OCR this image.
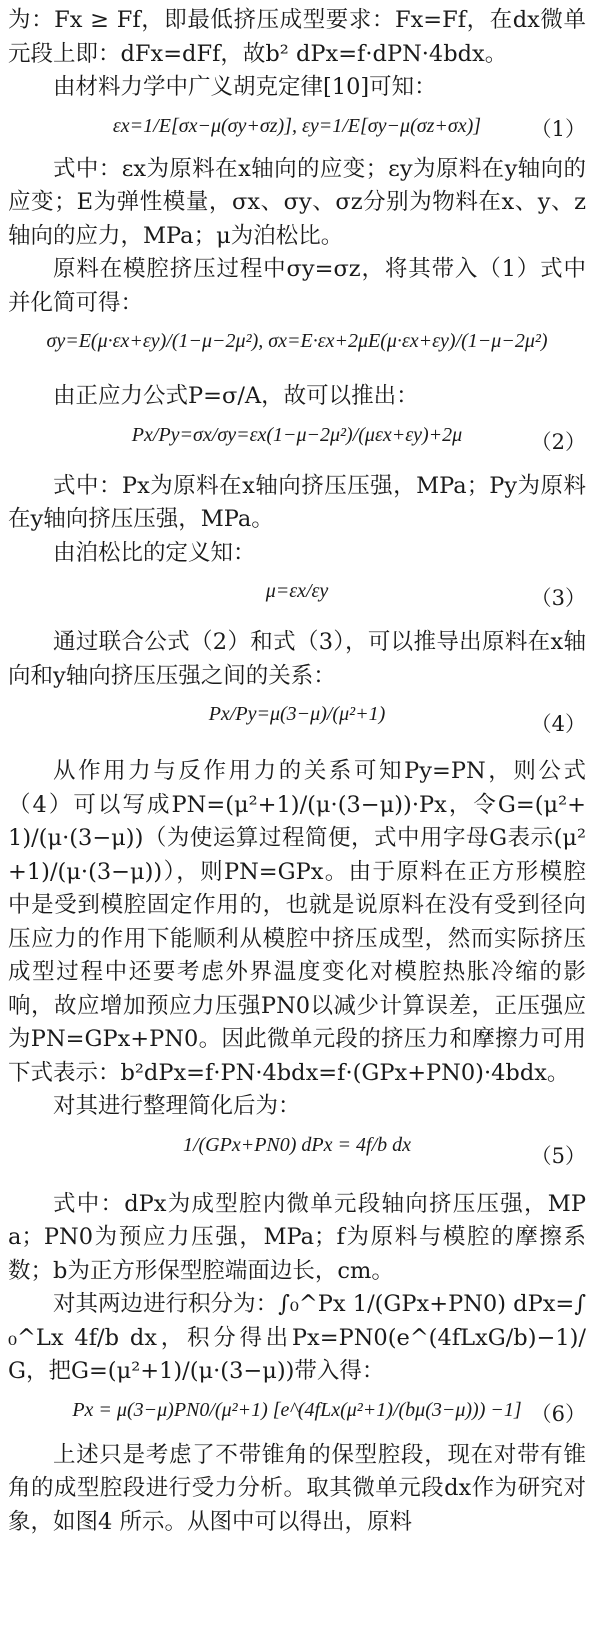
为：Fx ≥ Ff，即最低挤压成型要求：Fx=Ff，在dx微单元段上即：dFx=dFf，故b² dPx=f·dPN·4bdx。

由材料力学中广义胡克定律[10]可知：

εx=1/E[σx−μ(σy+σz)], εy=1/E[σy−μ(σz+σx)] （1）

式中：εx为原料在x轴向的应变；εy为原料在y轴向的应变；E为弹性模量，σx、σy、σz分别为物料在x、y、z轴向的应力，MPa；μ为泊松比。

原料在模腔挤压过程中σy=σz，将其带入（1）式中并化简可得：

σy=E(μ·εx+εy)/(1−μ−2μ²), σx=E·εx+2μE(μ·εx+εy)/(1−μ−2μ²)

由正应力公式P=σ/A，故可以推出：

Px/Py=σx/σy=εx(1−μ−2μ²)/(μεx+εy)+2μ	（2）

式中：Px为原料在x轴向挤压压强，MPa；Py为原料在y轴向挤压压强，MPa。

由泊松比的定义知：

μ=εx/εy	（3）

通过联合公式（2）和式（3），可以推导出原料在x轴向和y轴向挤压压强之间的关系：

Px/Py=μ(3−μ)/(μ²+1)	（4）

从作用力与反作用力的关系可知Py=PN，则公式（4）可以写成PN=(μ²+1)/(μ·(3−μ))·Px，令G=(μ²+1)/(μ·(3−μ))（为使运算过程简便，式中用字母G表示(μ²+1)/(μ·(3−μ))），则PN=GPx。由于原料在正方形模腔中是受到模腔固定作用的，也就是说原料在没有受到径向压应力的作用下能顺利从模腔中挤压成型，然而实际挤压成型过程中还要考虑外界温度变化对模腔热胀冷缩的影响，故应增加预应力压强PN0以减少计算误差，正压强应为PN=GPx+PN0。因此微单元段的挤压力和摩擦力可用下式表示：b²dPx=f·PN·4bdx=f·(GPx+PN0)·4bdx。

对其进行整理简化后为：

1/(GPx+PN0) dPx = 4f/b dx	（5）

式中：dPx为成型腔内微单元段轴向挤压压强，MPa；PN0为预应力压强，MPa；f为原料与模腔的摩擦系数；b为正方形保型腔端面边长，cm。

对其两边进行积分为：∫₀^Px 1/(GPx+PN0) dPx=∫₀^Lx 4f/b dx，积分得出Px=PN0(e^(4fLxG/b)−1)/G，把G=(μ²+1)/(μ·(3−μ))带入得：

Px = μ(3−μ)PN0/(μ²+1) [e^(4fLx(μ²+1)/(bμ(3−μ))) −1] （6）

上述只是考虑了不带锥角的保型腔段，现在对带有锥角的成型腔段进行受力分析。取其微单元段dx作为研究对象，如图4 所示。从图中可以得出，原料
